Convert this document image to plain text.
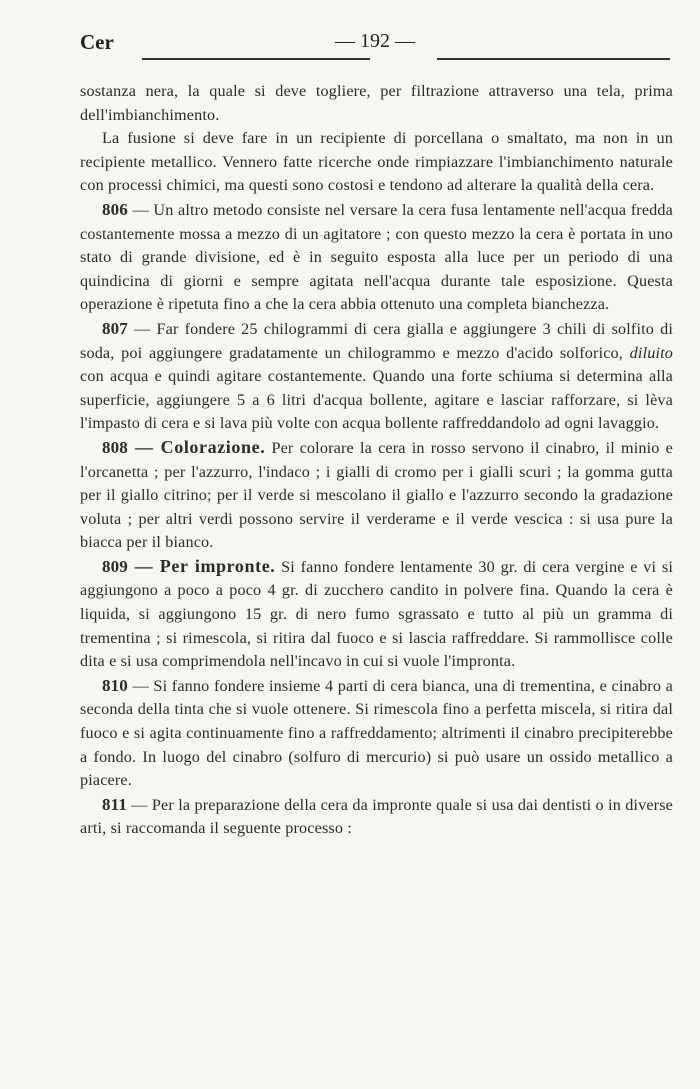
Cer	— 192 —

sostanza nera, la quale si deve togliere, per filtrazione attraverso una tela, prima dell'imbianchimento.

La fusione si deve fare in un recipiente di porcellana o smaltato, ma non in un recipiente metallico. Vennero fatte ricerche onde rimpiazzare l'imbianchimento naturale con processi chimici, ma questi sono costosi e tendono ad alterare la qualità della cera.

806 — Un altro metodo consiste nel versare la cera fusa lentamente nell'acqua fredda costantemente mossa a mezzo di un agitatore ; con questo mezzo la cera è portata in uno stato di grande divisione, ed è in seguito esposta alla luce per un periodo di una quindicina di giorni e sempre agitata nell'acqua durante tale esposizione. Questa operazione è ripetuta fino a che la cera abbia ottenuto una completa bianchezza.

807 — Far fondere 25 chilogrammi di cera gialla e aggiungere 3 chili di solfito di soda, poi aggiungere gradatamente un chilogrammo e mezzo d'acido solforico, diluito con acqua e quindi agitare costantemente. Quando una forte schiuma si determina alla superficie, aggiungere 5 a 6 litri d'acqua bollente, agitare e lasciar rafforzare, si lèva l'impasto di cera e si lava più volte con acqua bollente raffreddandolo ad ogni lavaggio.

808 — Colorazione. Per colorare la cera in rosso servono il cinabro, il minio e l'orcanetta ; per l'azzurro, l'indaco ; i gialli di cromo per i gialli scuri ; la gomma gutta per il giallo citrino; per il verde si mescolano il giallo e l'azzurro secondo la gradazione voluta ; per altri verdi possono servire il verderame e il verde vescica : si usa pure la biacca per il bianco.

809 — Per impronte. Si fanno fondere lentamente 30 gr. di cera vergine e vi si aggiungono a poco a poco 4 gr. di zucchero candito in polvere fina. Quando la cera è liquida, si aggiungono 15 gr. di nero fumo sgrassato e tutto al più un gramma di trementina ; si rimescola, si ritira dal fuoco e si lascia raffreddare. Si rammollisce colle dita e si usa comprimendola nell'incavo in cui si vuole l'impronta.

810 — Si fanno fondere insieme 4 parti di cera bianca, una di trementina, e cinabro a seconda della tinta che si vuole ottenere. Si rimescola fino a perfetta miscela, si ritira dal fuoco e si agita continuamente fino a raffreddamento; altrimenti il cinabro precipiterebbe a fondo. In luogo del cinabro (solfuro di mercurio) si può usare un ossido metallico a piacere.

811 — Per la preparazione della cera da impronte quale si usa dai dentisti o in diverse arti, si raccomanda il seguente processo :
